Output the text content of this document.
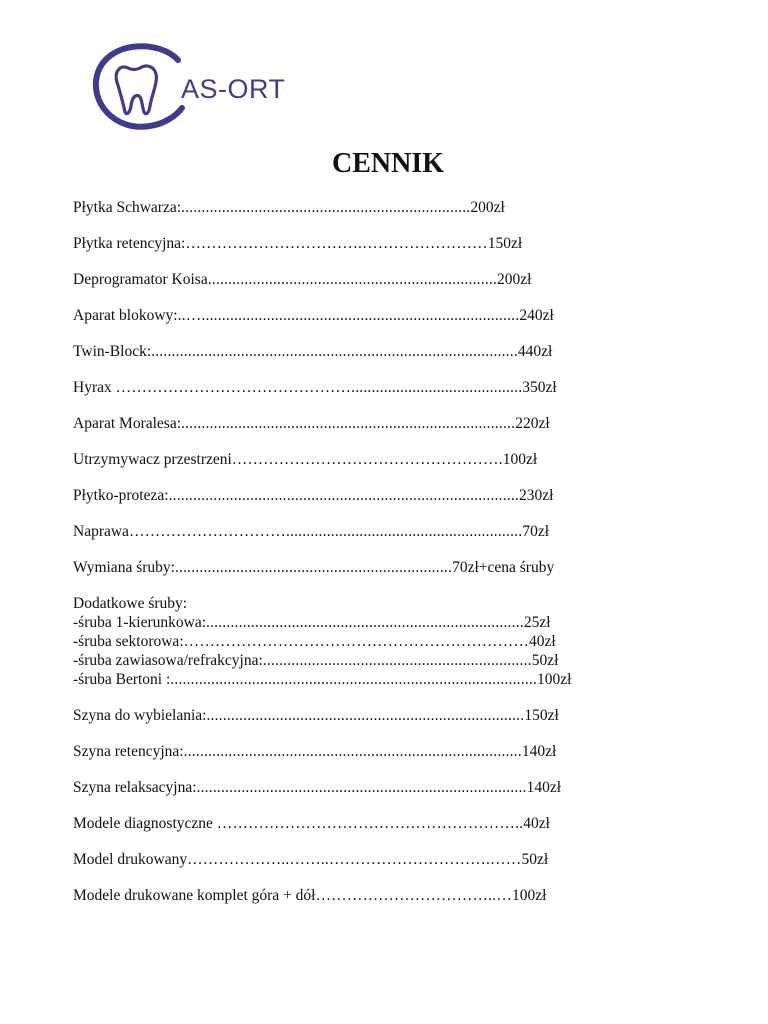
AS-ORT
CENNIK
Płytka Schwarza:.......................................................................200zł
Płytka retencyjna:…………………………….……………………150zł
Deprogramator Koisa.......................................................................200zł
Aparat blokowy:..…..............................................................................240zł
Twin-Block:..........................................................................................440zł
Hyrax ………………………………………..........................................350zł
Aparat Moralesa:..................................................................................220zł
Utrzymywacz przestrzeni…………………………………………….100zł
Płytko-proteza:......................................................................................230zł
Naprawa…………………………..........................................................70zł
Wymiana śruby:....................................................................70zł+cena śruby
Dodatkowe śruby:
-śruba 1-kierunkowa:..............................................................................25zł
-śruba sektorowa:…………………………………………………………40zł
-śruba zawiasowa/refrakcyjna:..................................................................50zł
-śruba Bertoni :..........................................................................................100zł
Szyna do wybielania:..............................................................................150zł
Szyna retencyjna:...................................................................................140zł
Szyna relaksacyjna:.................................................................................140zł
Modele diagnostyczne …………………………………………………..40zł
Model drukowany………………..……..………………………….……50zł
Modele drukowane komplet góra + dół……………………………..…100zł
